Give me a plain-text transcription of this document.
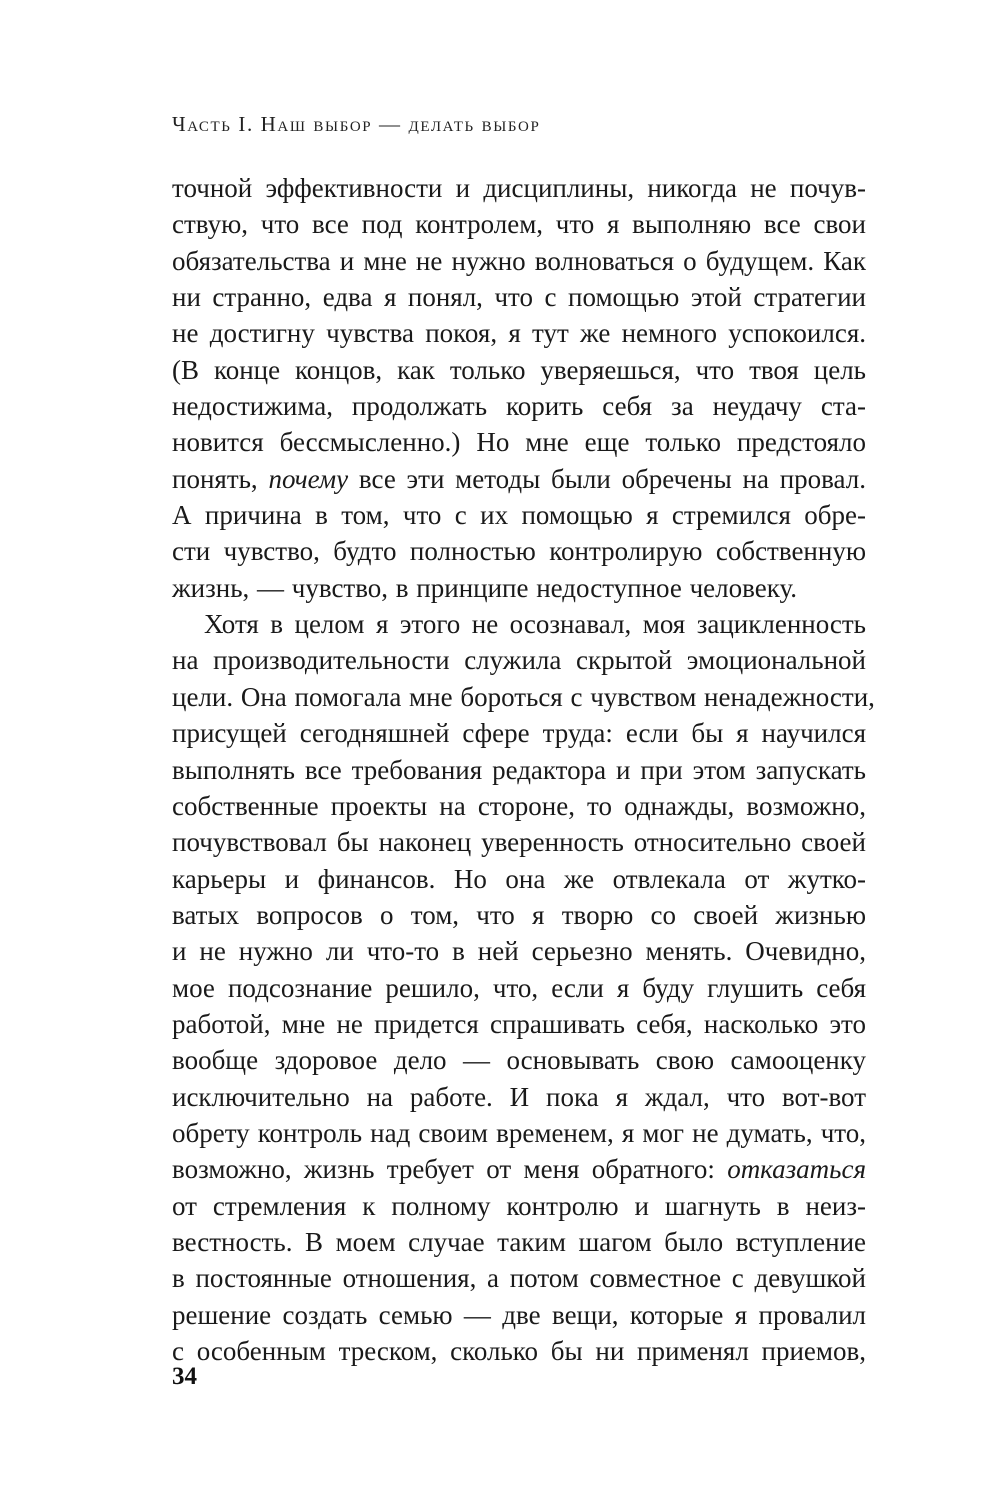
Часть I. Наш выбор — делать выбор
точной эффективности и дисциплины, никогда не почув-
ствую, что все под контролем, что я выполняю все свои
обязательства и мне не нужно волноваться о будущем. Как
ни странно, едва я понял, что с помощью этой стратегии
не достигну чувства покоя, я тут же немного успокоился.
(В конце концов, как только уверяешься, что твоя цель
недостижима, продолжать корить себя за неудачу ста-
новится бессмысленно.) Но мне еще только предстояло
понять, почему все эти методы были обречены на провал.
А причина в том, что с их помощью я стремился обре-
сти чувство, будто полностью контролирую собственную
жизнь, — чувство, в принципе недоступное человеку.
Хотя в целом я этого не осознавал, моя зацикленность
на производительности служила скрытой эмоциональной
цели. Она помогала мне бороться с чувством ненадежности,
присущей сегодняшней сфере труда: если бы я научился
выполнять все требования редактора и при этом запускать
собственные проекты на стороне, то однажды, возможно,
почувствовал бы наконец уверенность относительно своей
карьеры и финансов. Но она же отвлекала от жутко-
ватых вопросов о том, что я творю со своей жизнью
и не нужно ли что-то в ней серьезно менять. Очевидно,
мое подсознание решило, что, если я буду глушить себя
работой, мне не придется спрашивать себя, насколько это
вообще здоровое дело — основывать свою самооценку
исключительно на работе. И пока я ждал, что вот-вот
обрету контроль над своим временем, я мог не думать, что,
возможно, жизнь требует от меня обратного: отказаться
от стремления к полному контролю и шагнуть в неиз-
вестность. В моем случае таким шагом было вступление
в постоянные отношения, а потом совместное с девушкой
решение создать семью — две вещи, которые я провалил
с особенным треском, сколько бы ни применял приемов,
34
